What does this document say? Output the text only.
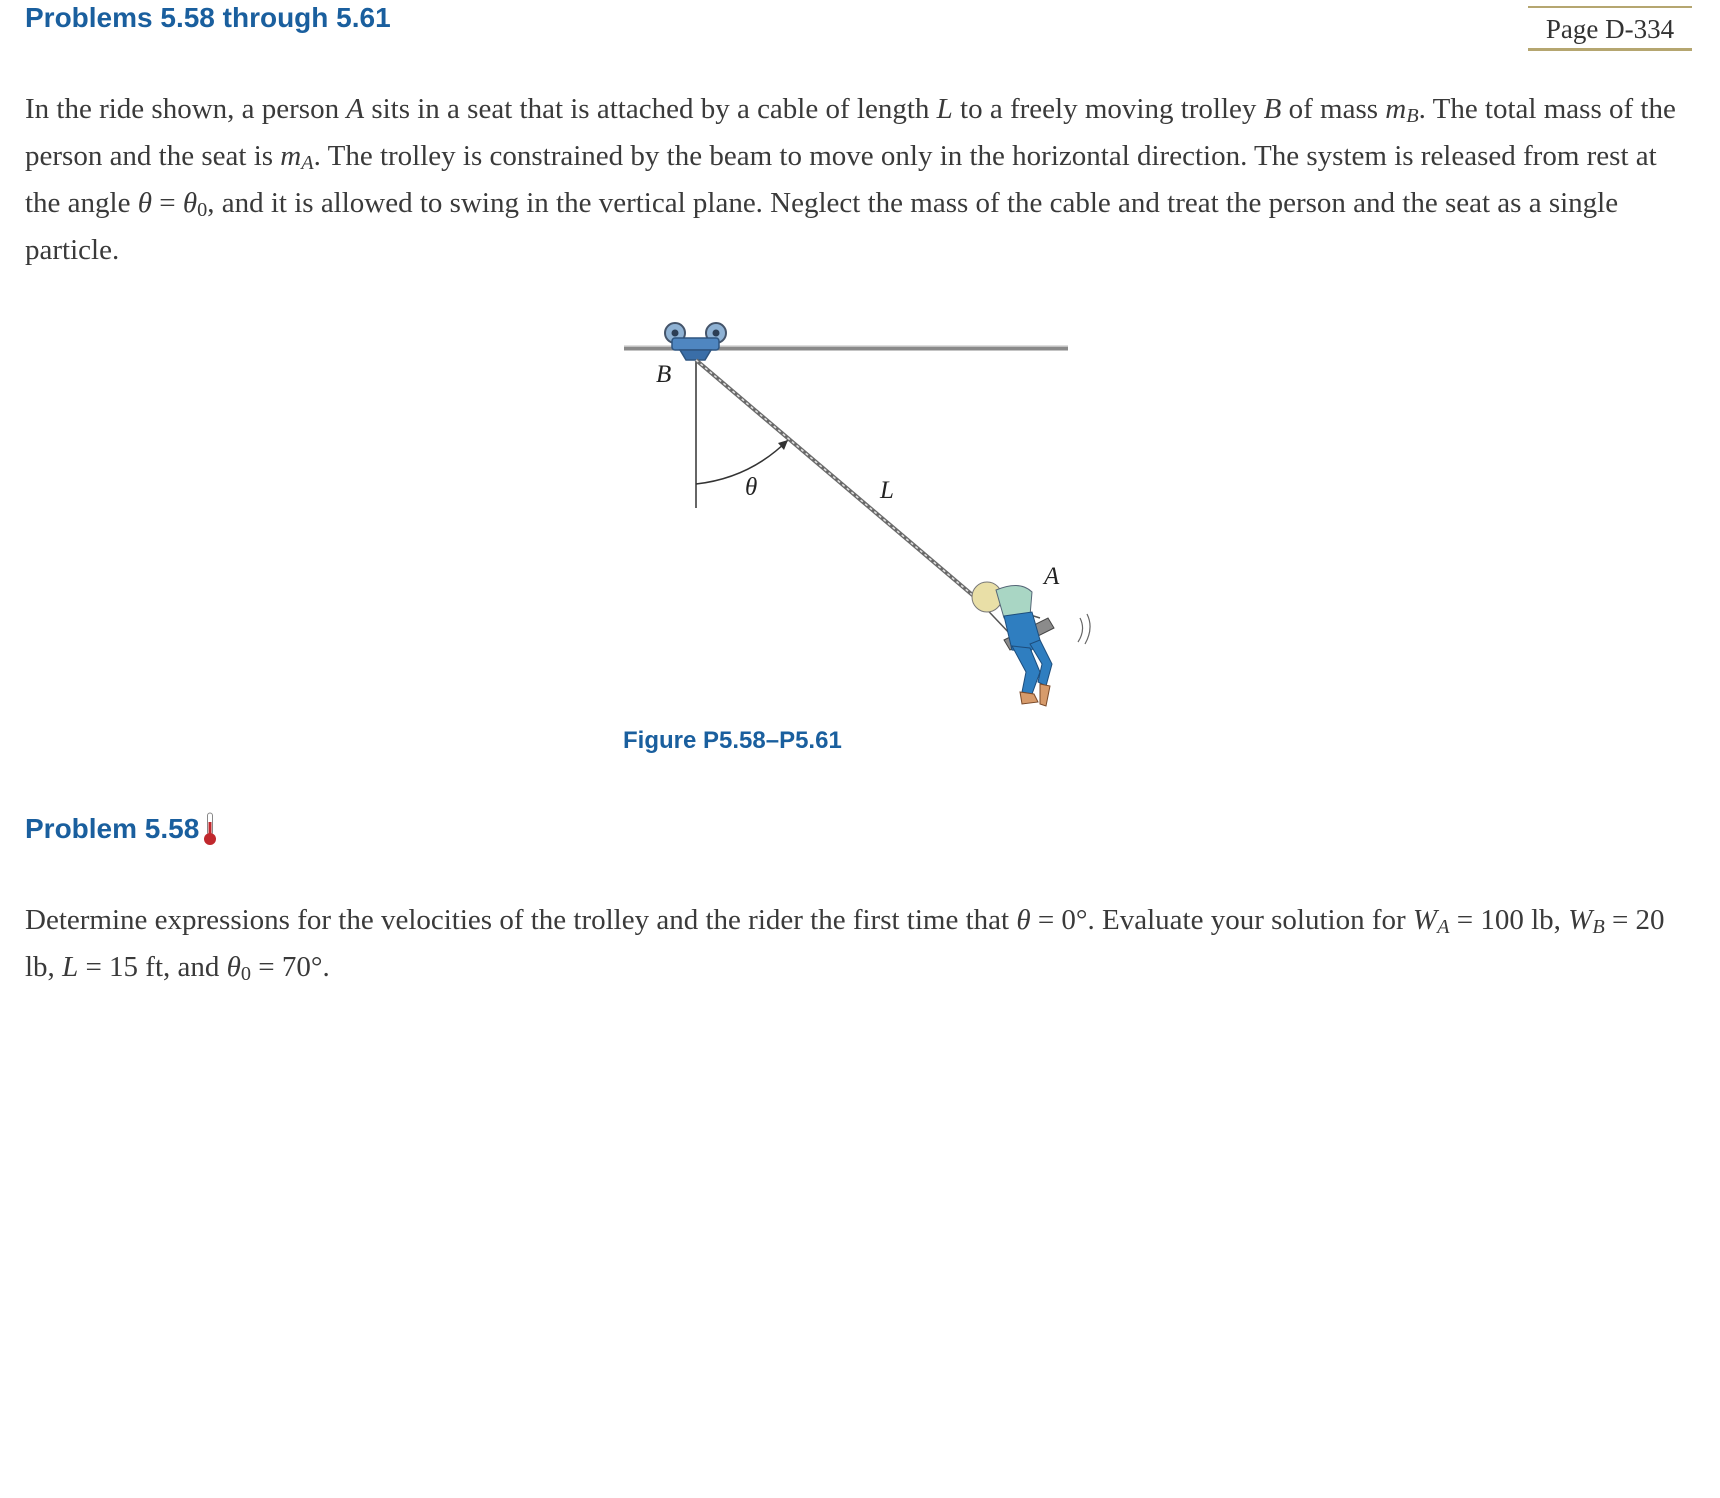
Problems 5.58 through 5.61	Page D-334

In the ride shown, a person A sits in a seat that is attached by a cable of length L to a freely moving trolley B of mass $m_B$. The total mass of the person and the seat is $m_A$. The trolley is constrained by the beam to move only in the horizontal direction. The system is released from rest at the angle $\theta = \theta_0$, and it is allowed to swing in the vertical plane. Neglect the mass of the cable and treat the person and the seat as a single particle.

B
θ	L
A
Figure P5.58–P5.61
Problem 5.58

Determine expressions for the velocities of the trolley and the rider the first time that θ = 0°. Evaluate your solution for $W_A = 100$ lb, $W_B = 20$ lb, L = 15 ft, and $\theta_0 = 70^\circ$.
